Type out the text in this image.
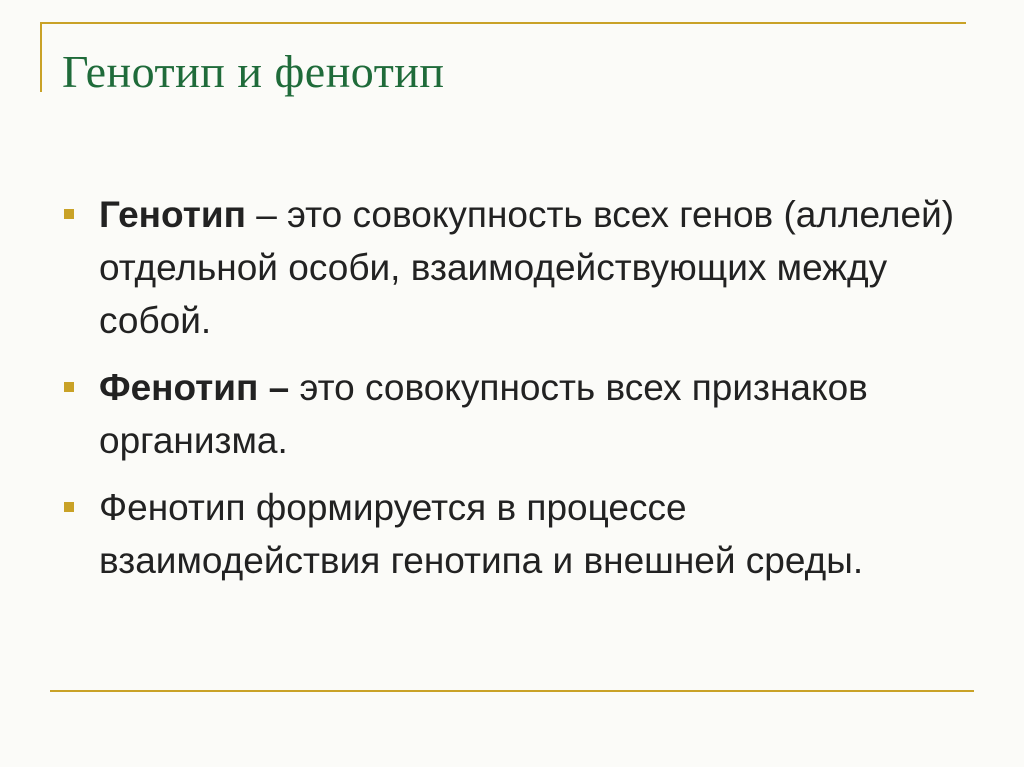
Генотип и фенотип
Генотип – это совокупность всех генов (аллелей) отдельной особи, взаимодействующих между собой.
Фенотип – это совокупность всех признаков организма.
Фенотип формируется в процессе взаимодействия генотипа и внешней среды.
